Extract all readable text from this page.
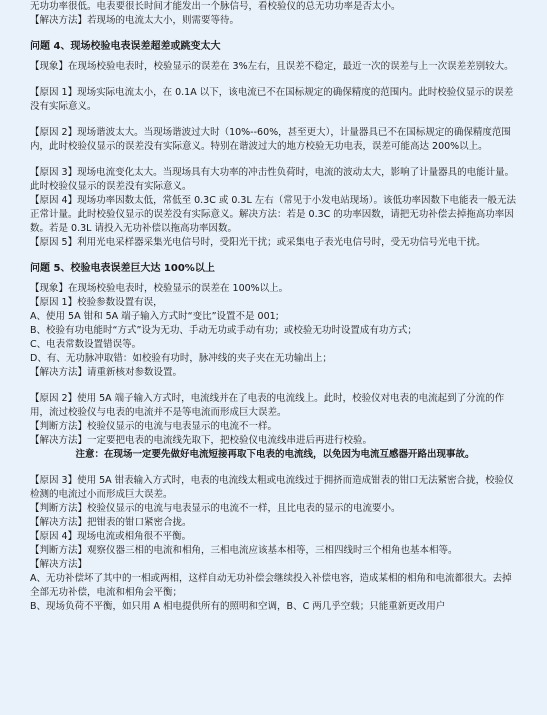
无功功率很低。电表要很长时间才能发出一个脉信号，看校验仪的总无功功率是否太小。

【解决方法】若现场的电流太大小，则需要等待。

问题 4、现场校验电表误差超差或跳变太大

【现象】在现场校验电表时，校验显示的误差在 3%左右，且误差不稳定，最近一次的误差与上一次误差差别较大。

【原因 1】现场实际电流太小，在 0.1A 以下，该电流已不在国标规定的确保精度的范围内。此时校验仪显示的误差没有实际意义。

【原因 2】现场谐波太大。当现场谐波过大时（10%--60%，甚至更大），计量器具已不在国标规定的确保精度范围内，此时校验仪显示的误差没有实际意义。特别在谐波过大的地方校验无功电表，误差可能高达 200%以上。

【原因 3】现场电流变化太大。当现场具有大功率的冲击性负荷时，电流的波动太大，影响了计量器具的电能计量。此时校验仪显示的误差没有实际意义。

【原因 4】现场功率因数太低，常低至 0.3C 或 0.3L 左右（常见于小发电站现场）。该低功率因数下电能表一般无法正常计量。此时校验仪显示的误差没有实际意义。解决方法：若是 0.3C 的功率因数，请把无功补偿去掉拖高功率因数。若是 0.3L 请投入无功补偿以拖高功率因数。

【原因 5】利用光电采样器采集光电信号时，受阳光干扰；或采集电子表光电信号时，受无功信号光电干扰。

问题 5、校验电表误差巨大达 100%以上

【现象】在现场校验电表时，校验显示的误差在 100%以上。

【原因 1】校验参数设置有误，

A、使用 5A 钳和 5A 端子输入方式时“变比”设置不是 001;

B、校验有功电能时“方式”设为无功、手动无功或手动有功；或校验无功时设置成有功方式；

C、电表常数设置错误等。

D、有、无功脉冲取错：如校验有功时，脉冲线的夹子夹在无功输出上；

【解决方法】请重新核对参数设置。

【原因 2】使用 5A 端子输入方式时，电流线并在了电表的电流线上。此时，校验仪对电表的电流起到了分流的作用，流过校验仪与电表的电流并不是等电流而形成巨大误差。

【判断方法】校验仪显示的电流与电表显示的电流不一样。

【解决方法】一定要把电表的电流线先取下，把校验仪电流线串进后再进行校验。

注意：在现场一定要先做好电流短接再取下电表的电流线，以免因为电流互感器开路出现事故。

【原因 3】使用 5A 钳表输入方式时，电表的电流线太粗或电流线过于拥挤而造成钳表的钳口无法紧密合拢，校验仪检测的电流过小而形成巨大误差。

【判断方法】校验仪显示的电流与电表显示的电流不一样，且比电表的显示的电流要小。

【解决方法】把钳表的钳口紧密合拢。

【原因 4】现场电流或相角很不平衡。

【判断方法】观察仪器三相的电流和相角，三相电流应该基本相等，三相四线时三个相角也基本相等。

【解决方法】

A、无功补偿坏了其中的一相或两相，这样自动无功补偿会继续投入补偿电容，造成某相的相角和电流都很大。去掉全部无功补偿，电流和相角会平衡；

B、现场负荷不平衡，如只用 A 相电提供所有的照明和空调，B、C 两几乎空载；只能重新更改用户
